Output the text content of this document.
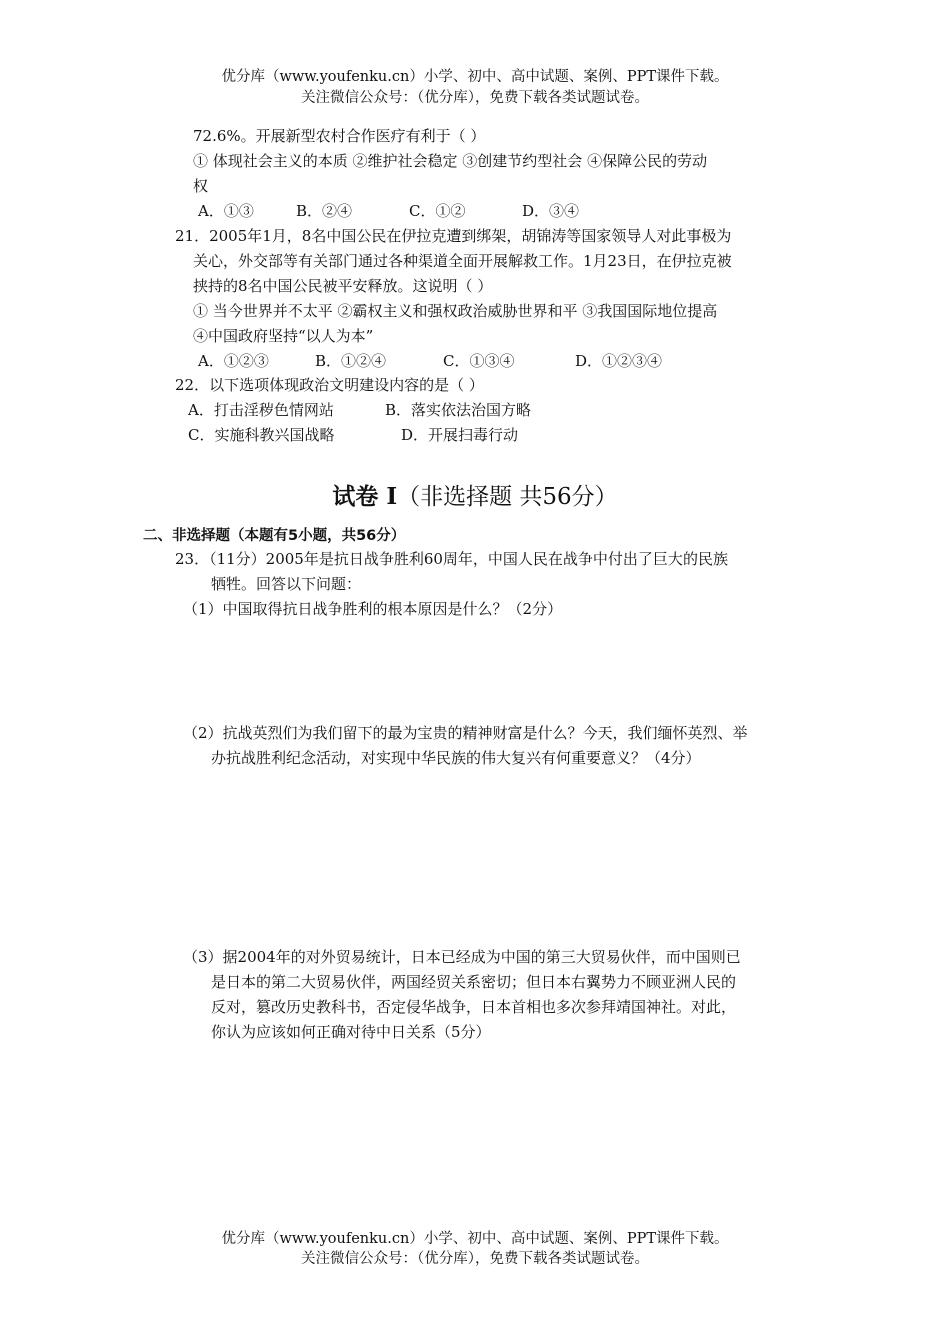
优分库（www.youfenku.cn）小学、初中、高中试题、案例、PPT课件下载。
关注微信公众号：（优分库），免费下载各类试题试卷。
72.6%。开展新型农村合作医疗有利于（ ）
① 体现社会主义的本质 ②维护社会稳定 ③创建节约型社会 ④保障公民的劳动
权
A．①③	B．②④	C．①②	D．③④
21．2005年1月，8名中国公民在伊拉克遭到绑架，胡锦涛等国家领导人对此事极为
关心，外交部等有关部门通过各种渠道全面开展解救工作。1月23日，在伊拉克被
挟持的8名中国公民被平安释放。这说明（ ）
① 当今世界并不太平 ②霸权主义和强权政治威胁世界和平 ③我国国际地位提高
④中国政府坚持“以人为本”
A．①②③	B．①②④	C．①③④	D．①②③④
22．以下选项体现政治文明建设内容的是（ ）
A．打击淫秽色情网站	B．落实依法治国方略
C．实施科教兴国战略	D．开展扫毒行动
试卷 I（非选择题 共56分）
二、非选择题（本题有5小题，共56分）
23．（11分）2005年是抗日战争胜利60周年，中国人民在战争中付出了巨大的民族
牺牲。回答以下问题：
（1）中国取得抗日战争胜利的根本原因是什么？（2分）
（2）抗战英烈们为我们留下的最为宝贵的精神财富是什么？今天，我们缅怀英烈、举
办抗战胜利纪念活动，对实现中华民族的伟大复兴有何重要意义？（4分）
（3）据2004年的对外贸易统计，日本已经成为中国的第三大贸易伙伴，而中国则已
是日本的第二大贸易伙伴，两国经贸关系密切；但日本右翼势力不顾亚洲人民的
反对，篡改历史教科书，否定侵华战争，日本首相也多次参拜靖国神社。对此，
你认为应该如何正确对待中日关系（5分）
优分库（www.youfenku.cn）小学、初中、高中试题、案例、PPT课件下载。
关注微信公众号：（优分库），免费下载各类试题试卷。
